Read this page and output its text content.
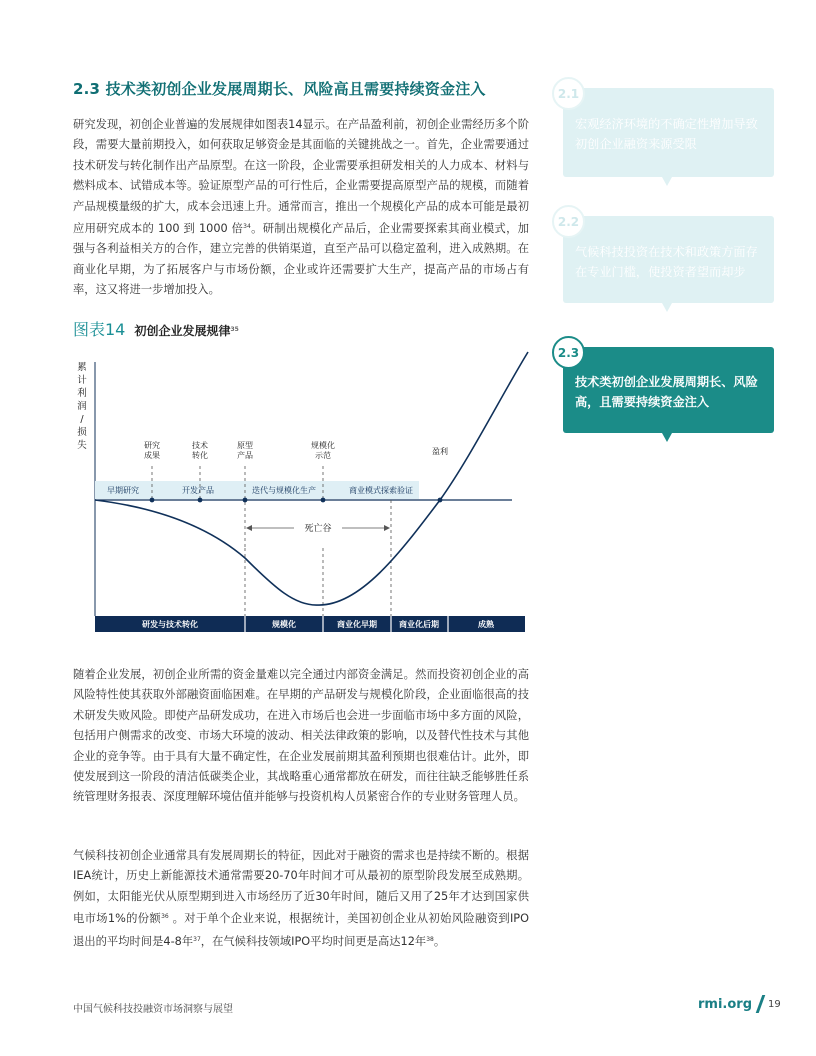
2.3 技术类初创企业发展周期长、风险高且需要持续资金注入
研究发现，初创企业普遍的发展规律如图表14显示。在产品盈利前，初创企业需经历多个阶段，需要大量前期投入，如何获取足够资金是其面临的关键挑战之一。首先，企业需要通过技术研发与转化制作出产品原型。在这一阶段，企业需要承担研发相关的人力成本、材料与燃料成本、试错成本等。验证原型产品的可行性后，企业需要提高原型产品的规模，而随着产品规模量级的扩大，成本会迅速上升。通常而言，推出一个规模化产品的成本可能是最初应用研究成本的 100 到 1000 倍$^{34}$。研制出规模化产品后，企业需要探索其商业模式，加强与各利益相关方的合作，建立完善的供销渠道，直至产品可以稳定盈利，进入成熟期。在商业化早期，为了拓展客户与市场份额，企业或许还需要扩大生产，提高产品的市场占有率，这又将进一步增加投入。
图表14 初创企业发展规律$^{35}$
累
计
利
润
/
损
失	研究成果
技术转化
原型产品
规模化示范	盈利
早期研究	开发产品	迭代与规模化生产	商业模式探索验证
死亡谷
研发与技术转化	规模化	商业化早期	商业化后期	成熟
随着企业发展，初创企业所需的资金量难以完全通过内部资金满足。然而投资初创企业的高风险特性使其获取外部融资面临困难。在早期的产品研发与规模化阶段，企业面临很高的技术研发失败风险。即使产品研发成功，在进入市场后也会进一步面临市场中多方面的风险，包括用户侧需求的改变、市场大环境的波动、相关法律政策的影响，以及替代性技术与其他企业的竞争等。由于具有大量不确定性，在企业发展前期其盈利预期也很难估计。此外，即使发展到这一阶段的清洁低碳类企业，其战略重心通常都放在研发，而往往缺乏能够胜任系统管理财务报表、深度理解环境估值并能够与投资机构人员紧密合作的专业财务管理人员。
气候科技初创企业通常具有发展周期长的特征，因此对于融资的需求也是持续不断的。根据IEA统计，历史上新能源技术通常需要20-70年时间才可从最初的原型阶段发展至成熟期。例如，太阳能光伏从原型期到进入市场经历了近30年时间，随后又用了25年才达到国家供电市场1%的份额$^{36}$ 。对于单个企业来说，根据统计，美国初创企业从初始风险融资到IPO 退出的平均时间是4-8年$^{37}$，在气候科技领域IPO平均时间更是高达12年$^{38}$。
2.1
宏观经济环境的不确定性增加导致初创企业融资来源受限
2.2
气候科技投资在技术和政策方面存在专业门槛，使投资者望而却步
2.3
技术类初创企业发展周期长、风险高，且需要持续资金注入
中国气候科技投融资市场洞察与展望	rmi.org 19
